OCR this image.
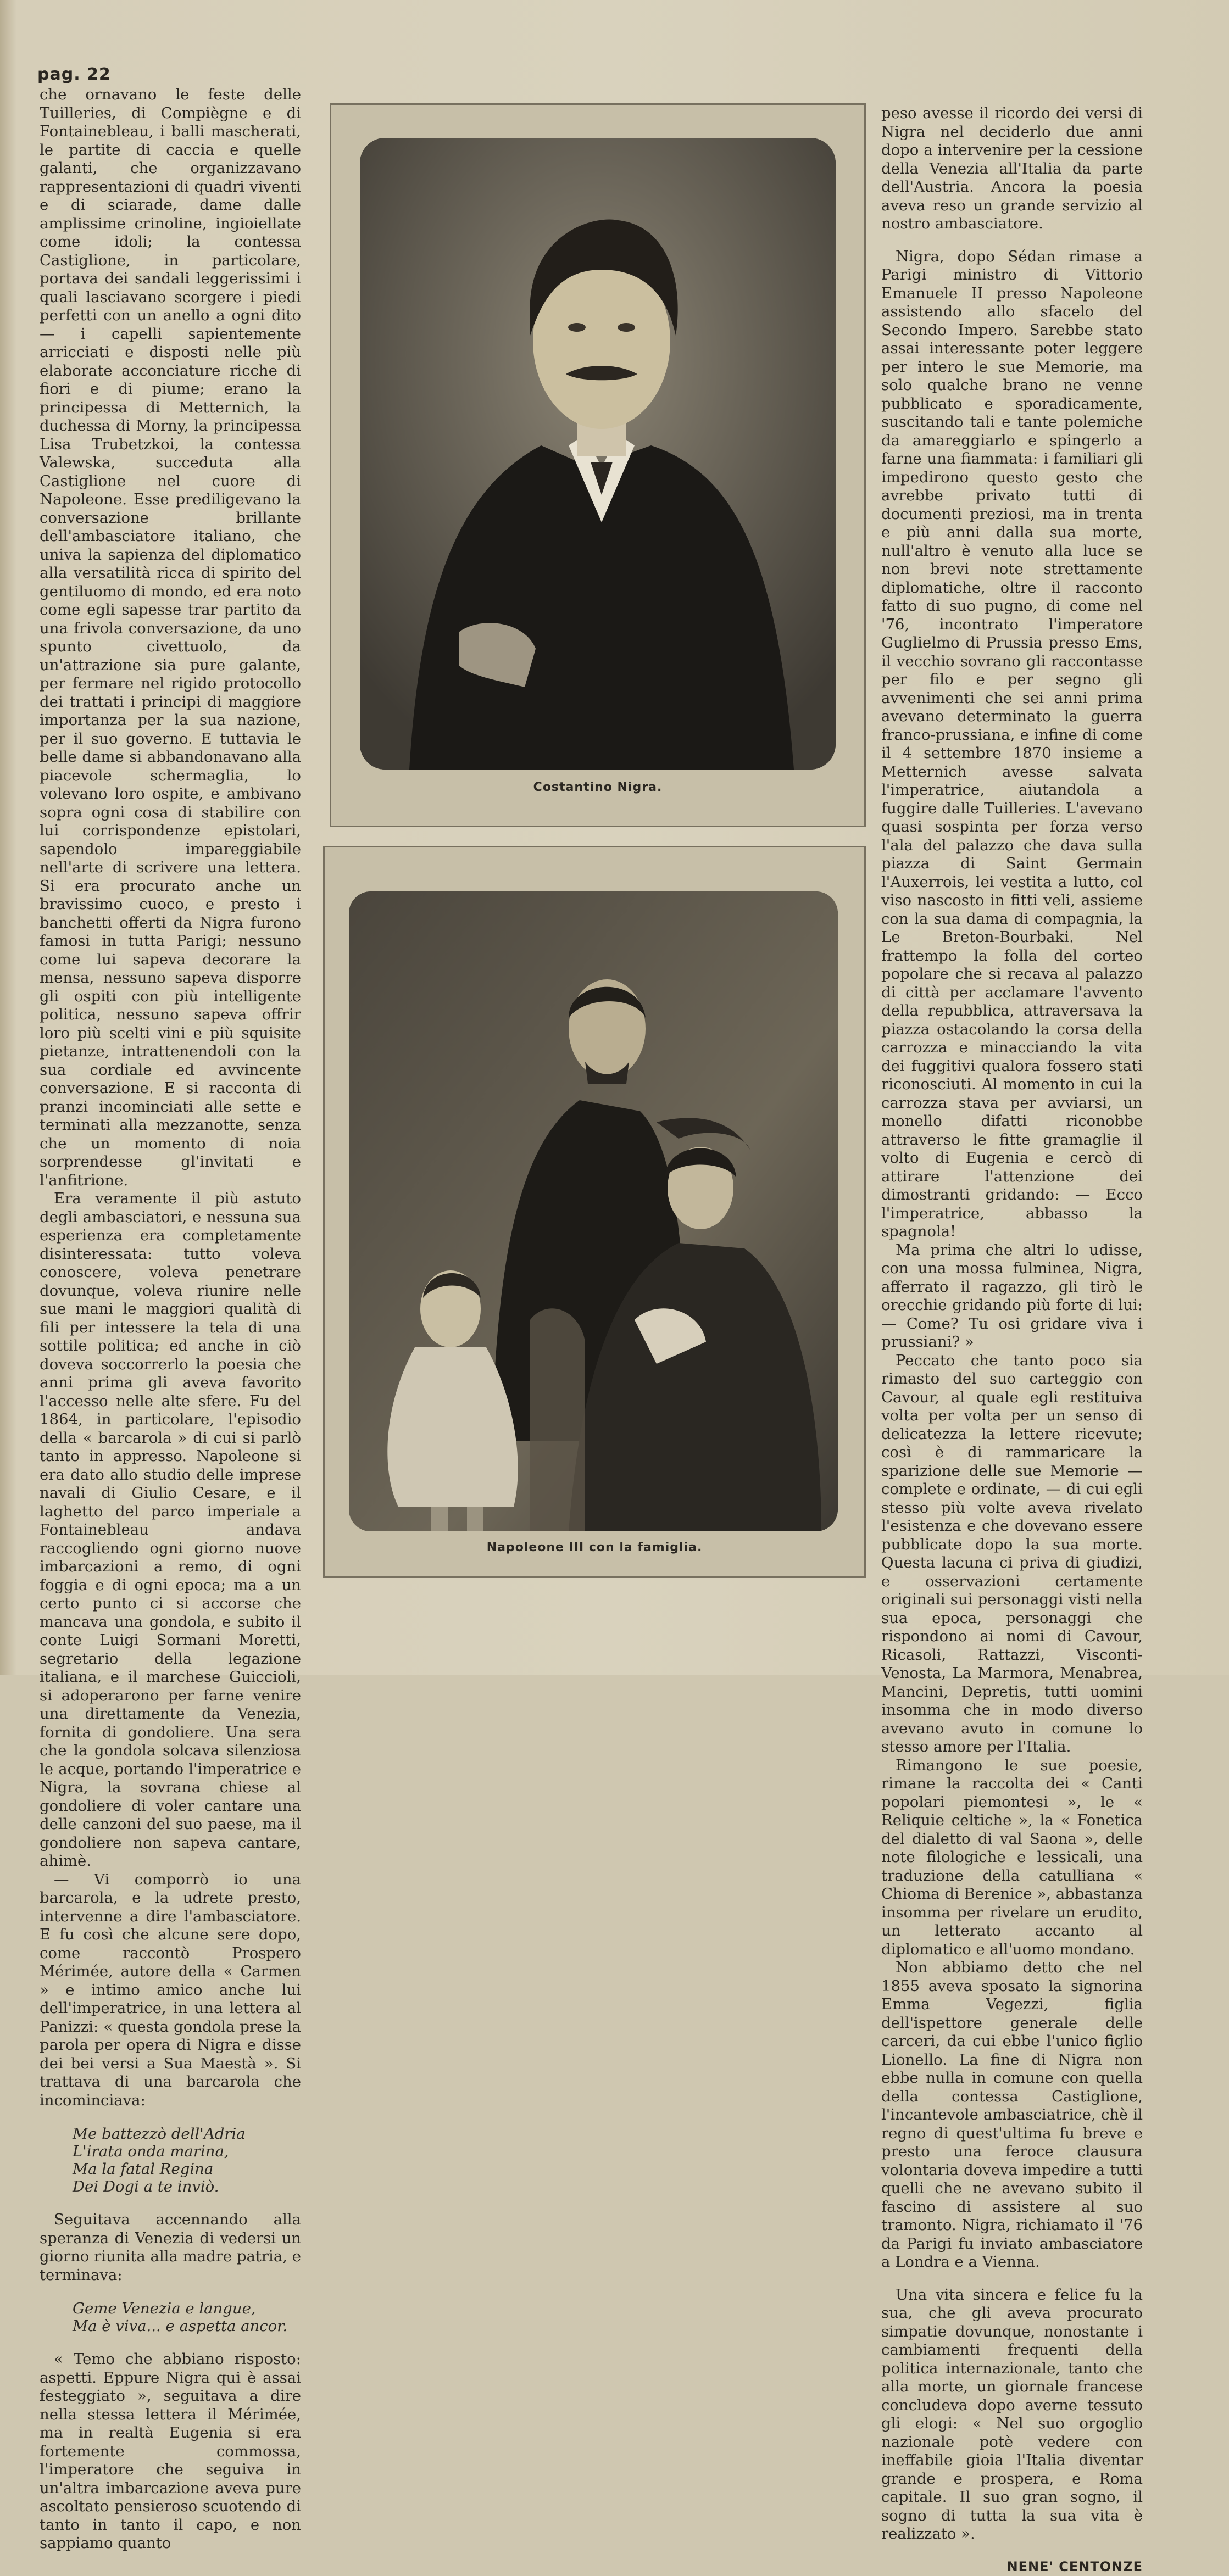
pag. 22

che ornavano le feste delle Tuilleries, di Compiègne e di Fontainebleau, i balli mascherati, le partite di caccia e quelle galanti, che organizzavano rappresentazioni di quadri viventi e di sciarade, dame dalle amplissime crinoline, ingioiellate come idoli; la contessa Castiglione, in particolare, portava dei sandali leggerissimi i quali lasciavano scorgere i piedi perfetti con un anello a ogni dito — i capelli sapientemente arricciati e disposti nelle più elaborate acconciature ricche di fiori e di piume; erano la principessa di Metternich, la duchessa di Morny, la principessa Lisa Trubetzkoi, la contessa Valewska, succeduta alla Castiglione nel cuore di Napoleone. Esse prediligevano la conversazione brillante dell'ambasciatore italiano, che univa la sapienza del diplomatico alla versatilità ricca di spirito del gentiluomo di mondo, ed era noto come egli sapesse trar partito da una frivola conversazione, da uno spunto civettuolo, da un'attrazione sia pure galante, per fermare nel rigido protocollo dei trattati i principi di maggiore importanza per la sua nazione, per il suo governo. E tuttavia le belle dame si abbandonavano alla piacevole schermaglia, lo volevano loro ospite, e ambivano sopra ogni cosa di stabilire con lui corrispondenze epistolari, sapendolo impareggiabile nell'arte di scrivere una lettera. Si era procurato anche un bravissimo cuoco, e presto i banchetti offerti da Nigra furono famosi in tutta Parigi; nessuno come lui sapeva decorare la mensa, nessuno sapeva disporre gli ospiti con più intelligente politica, nessuno sapeva offrir loro più scelti vini e più squisite pietanze, intrattenendoli con la sua cordiale ed avvincente conversazione. E si racconta di pranzi incominciati alle sette e terminati alla mezzanotte, senza che un momento di noia sorprendesse gl'invitati e l'anfitrione.

Era veramente il più astuto degli ambasciatori, e nessuna sua esperienza era completamente disinteressata: tutto voleva conoscere, voleva penetrare dovunque, voleva riunire nelle sue mani le maggiori qualità di fili per intessere la tela di una sottile politica; ed anche in ciò doveva soccorrerlo la poesia che anni prima gli aveva favorito l'accesso nelle alte sfere. Fu del 1864, in particolare, l'episodio della « barcarola » di cui si parlò tanto in appresso. Napoleone si era dato allo studio delle imprese navali di Giulio Cesare, e il laghetto del parco imperiale a Fontainebleau andava raccogliendo ogni giorno nuove imbarcazioni a remo, di ogni foggia e di ogni epoca; ma a un certo punto ci si accorse che mancava una gondola, e subito il conte Luigi Sormani Moretti, segretario della legazione italiana, e il marchese Guiccioli, si adoperarono per farne venire una direttamente da Venezia, fornita di gondoliere. Una sera che la gondola solcava silenziosa le acque, portando l'imperatrice e Nigra, la sovrana chiese al gondoliere di voler cantare una delle canzoni del suo paese, ma il gondoliere non sapeva cantare, ahimè.

— Vi comporrò io una barcarola, e la udrete presto, intervenne a dire l'ambasciatore. E fu così che alcune sere dopo, come raccontò Prospero Mérimée, autore della « Carmen » e intimo amico anche lui dell'imperatrice, in una lettera al Panizzi: « questa gondola prese la parola per opera di Nigra e disse dei bei versi a Sua Maestà ». Si trattava di una barcarola che incominciava:

Me battezzò dell'Adria
L'irata onda marina,
Ma la fatal Regina
Dei Dogi a te inviò.

Seguitava accennando alla speranza di Venezia di vedersi un giorno riunita alla madre patria, e terminava:

Geme Venezia e langue,
Ma è viva... e aspetta ancor.

« Temo che abbiano risposto: aspetti. Eppure Nigra qui è assai festeggiato », seguitava a dire nella stessa lettera il Mérimée, ma in realtà Eugenia si era fortemente commossa, l'imperatore che seguiva in un'altra imbarcazione aveva pure ascoltato pensieroso scuotendo di tanto in tanto il capo, e non sappiamo quanto

Costantino Nigra.
Napoleone III con la famiglia.

peso avesse il ricordo dei versi di Nigra nel deciderlo due anni dopo a intervenire per la cessione della Venezia all'Italia da parte dell'Austria. Ancora la poesia aveva reso un grande servizio al nostro ambasciatore.

Nigra, dopo Sédan rimase a Parigi ministro di Vittorio Emanuele II presso Napoleone assistendo allo sfacelo del Secondo Impero. Sarebbe stato assai interessante poter leggere per intero le sue Memorie, ma solo qualche brano ne venne pubblicato e sporadicamente, suscitando tali e tante polemiche da amareggiarlo e spingerlo a farne una fiammata: i familiari gli impedirono questo gesto che avrebbe privato tutti di documenti preziosi, ma in trenta e più anni dalla sua morte, null'altro è venuto alla luce se non brevi note strettamente diplomatiche, oltre il racconto fatto di suo pugno, di come nel '76, incontrato l'imperatore Guglielmo di Prussia presso Ems, il vecchio sovrano gli raccontasse per filo e per segno gli avvenimenti che sei anni prima avevano determinato la guerra franco-prussiana, e infine di come il 4 settembre 1870 insieme a Metternich avesse salvata l'imperatrice, aiutandola a fuggire dalle Tuilleries. L'avevano quasi sospinta per forza verso l'ala del palazzo che dava sulla piazza di Saint Germain l'Auxerrois, lei vestita a lutto, col viso nascosto in fitti veli, assieme con la sua dama di compagnia, la Le Breton-Bourbaki. Nel frattempo la folla del corteo popolare che si recava al palazzo di città per acclamare l'avvento della repubblica, attraversava la piazza ostacolando la corsa della carrozza e minacciando la vita dei fuggitivi qualora fossero stati riconosciuti. Al momento in cui la carrozza stava per avviarsi, un monello difatti riconobbe attraverso le fitte gramaglie il volto di Eugenia e cercò di attirare l'attenzione dei dimostranti gridando: — Ecco l'imperatrice, abbasso la spagnola!

Ma prima che altri lo udisse, con una mossa fulminea, Nigra, afferrato il ragazzo, gli tirò le orecchie gridando più forte di lui: — Come? Tu osi gridare viva i prussiani? »

Peccato che tanto poco sia rimasto del suo carteggio con Cavour, al quale egli restituiva volta per volta per un senso di delicatezza la lettere ricevute; così è di rammaricare la sparizione delle sue Memorie — complete e ordinate, — di cui egli stesso più volte aveva rivelato l'esistenza e che dovevano essere pubblicate dopo la sua morte. Questa lacuna ci priva di giudizi, e osservazioni certamente originali sui personaggi visti nella sua epoca, personaggi che rispondono ai nomi di Cavour, Ricasoli, Rattazzi, Visconti-Venosta, La Marmora, Menabrea, Mancini, Depretis, tutti uomini insomma che in modo diverso avevano avuto in comune lo stesso amore per l'Italia.

Rimangono le sue poesie, rimane la raccolta dei « Canti popolari piemontesi », le « Reliquie celtiche », la « Fonetica del dialetto di val Saona », delle note filologiche e lessicali, una traduzione della catulliana « Chioma di Berenice », abbastanza insomma per rivelare un erudito, un letterato accanto al diplomatico e all'uomo mondano.

Non abbiamo detto che nel 1855 aveva sposato la signorina Emma Vegezzi, figlia dell'ispettore generale delle carceri, da cui ebbe l'unico figlio Lionello. La fine di Nigra non ebbe nulla in comune con quella della contessa Castiglione, l'incantevole ambasciatrice, chè il regno di quest'ultima fu breve e presto una feroce clausura volontaria doveva impedire a tutti quelli che ne avevano subito il fascino di assistere al suo tramonto. Nigra, richiamato il '76 da Parigi fu inviato ambasciatore a Londra e a Vienna.

Una vita sincera e felice fu la sua, che gli aveva procurato simpatie dovunque, nonostante i cambiamenti frequenti della politica internazionale, tanto che alla morte, un giornale francese concludeva dopo averne tessuto gli elogi: « Nel suo orgoglio nazionale potè vedere con ineffabile gioia l'Italia diventar grande e prospera, e Roma capitale. Il suo gran sogno, il sogno di tutta la sua vita è realizzato ».

NENE' CENTONZE
